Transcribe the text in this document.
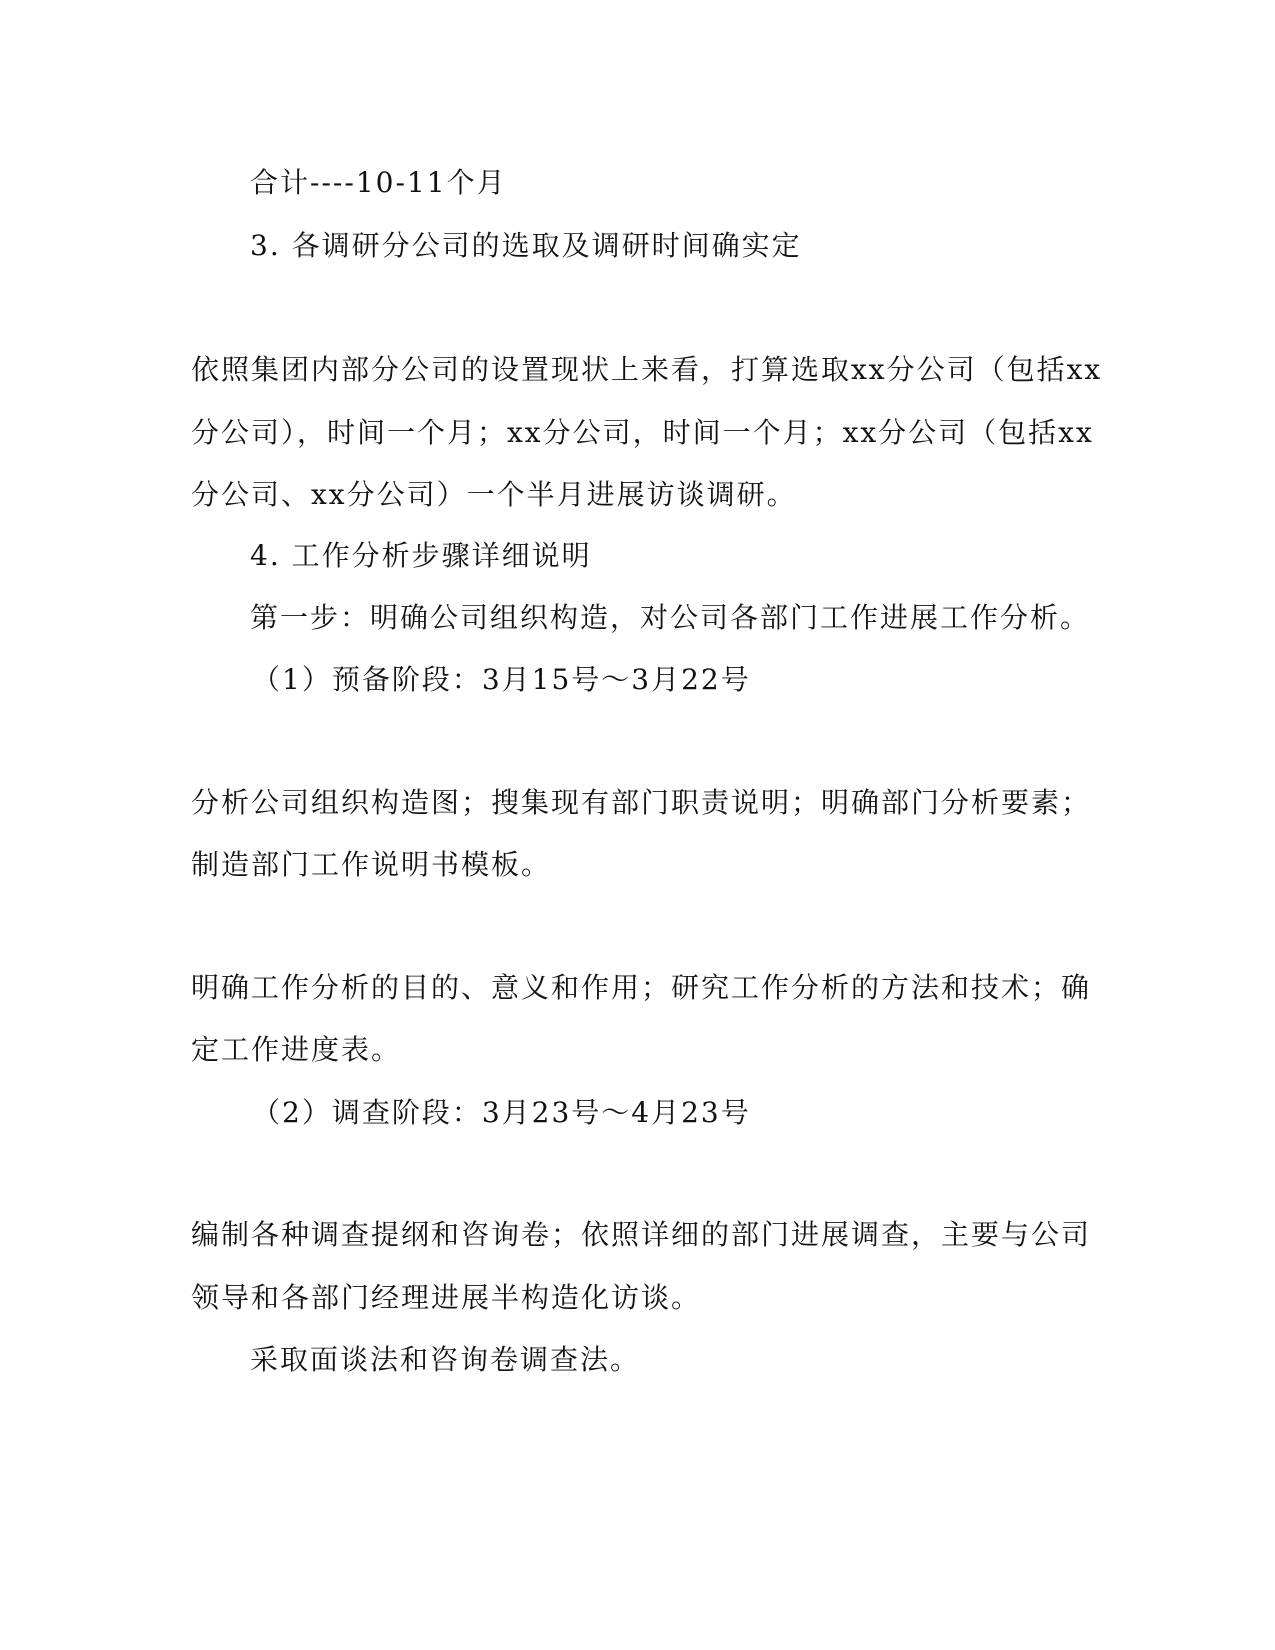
合计----10-11个月
3. 各调研分公司的选取及调研时间确实定
依照集团内部分公司的设置现状上来看，打算选取xx分公司（包括xx
分公司），时间一个月；xx分公司，时间一个月；xx分公司（包括xx
分公司、xx分公司）一个半月进展访谈调研。
4. 工作分析步骤详细说明
第一步：明确公司组织构造，对公司各部门工作进展工作分析。
（1）预备阶段：3月15号～3月22号
分析公司组织构造图；搜集现有部门职责说明；明确部门分析要素；
制造部门工作说明书模板。
明确工作分析的目的、意义和作用；研究工作分析的方法和技术；确
定工作进度表。
（2）调查阶段：3月23号～4月23号
编制各种调查提纲和咨询卷；依照详细的部门进展调查，主要与公司
领导和各部门经理进展半构造化访谈。
采取面谈法和咨询卷调查法。
